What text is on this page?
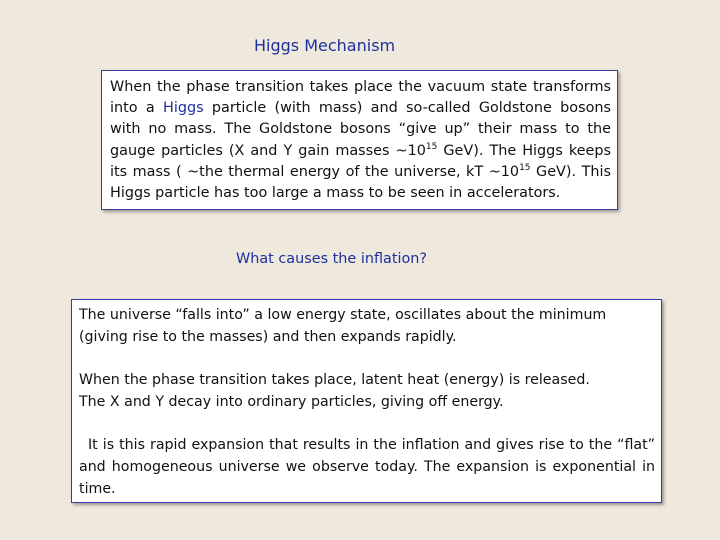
Higgs Mechanism

When the phase transition takes place the vacuum state transforms into a Higgs particle (with mass) and so-called Goldstone bosons with no mass. The Goldstone bosons “give up” their mass to the gauge particles (X and Y gain masses $\sim 10^{15}$ GeV). The Higgs keeps its mass ( ~the thermal energy of the universe, kT $\sim 10^{15}$ GeV). This Higgs particle has too large a mass to be seen in accelerators.

What causes the inflation?

The universe “falls into” a low energy state, oscillates about the minimum (giving rise to the masses) and then expands rapidly.

When the phase transition takes place, latent heat (energy) is released.
The X and Y decay into ordinary particles, giving off energy.

It is this rapid expansion that results in the inflation and gives rise to the “flat” and homogeneous universe we observe today. The expansion is exponential in time.
